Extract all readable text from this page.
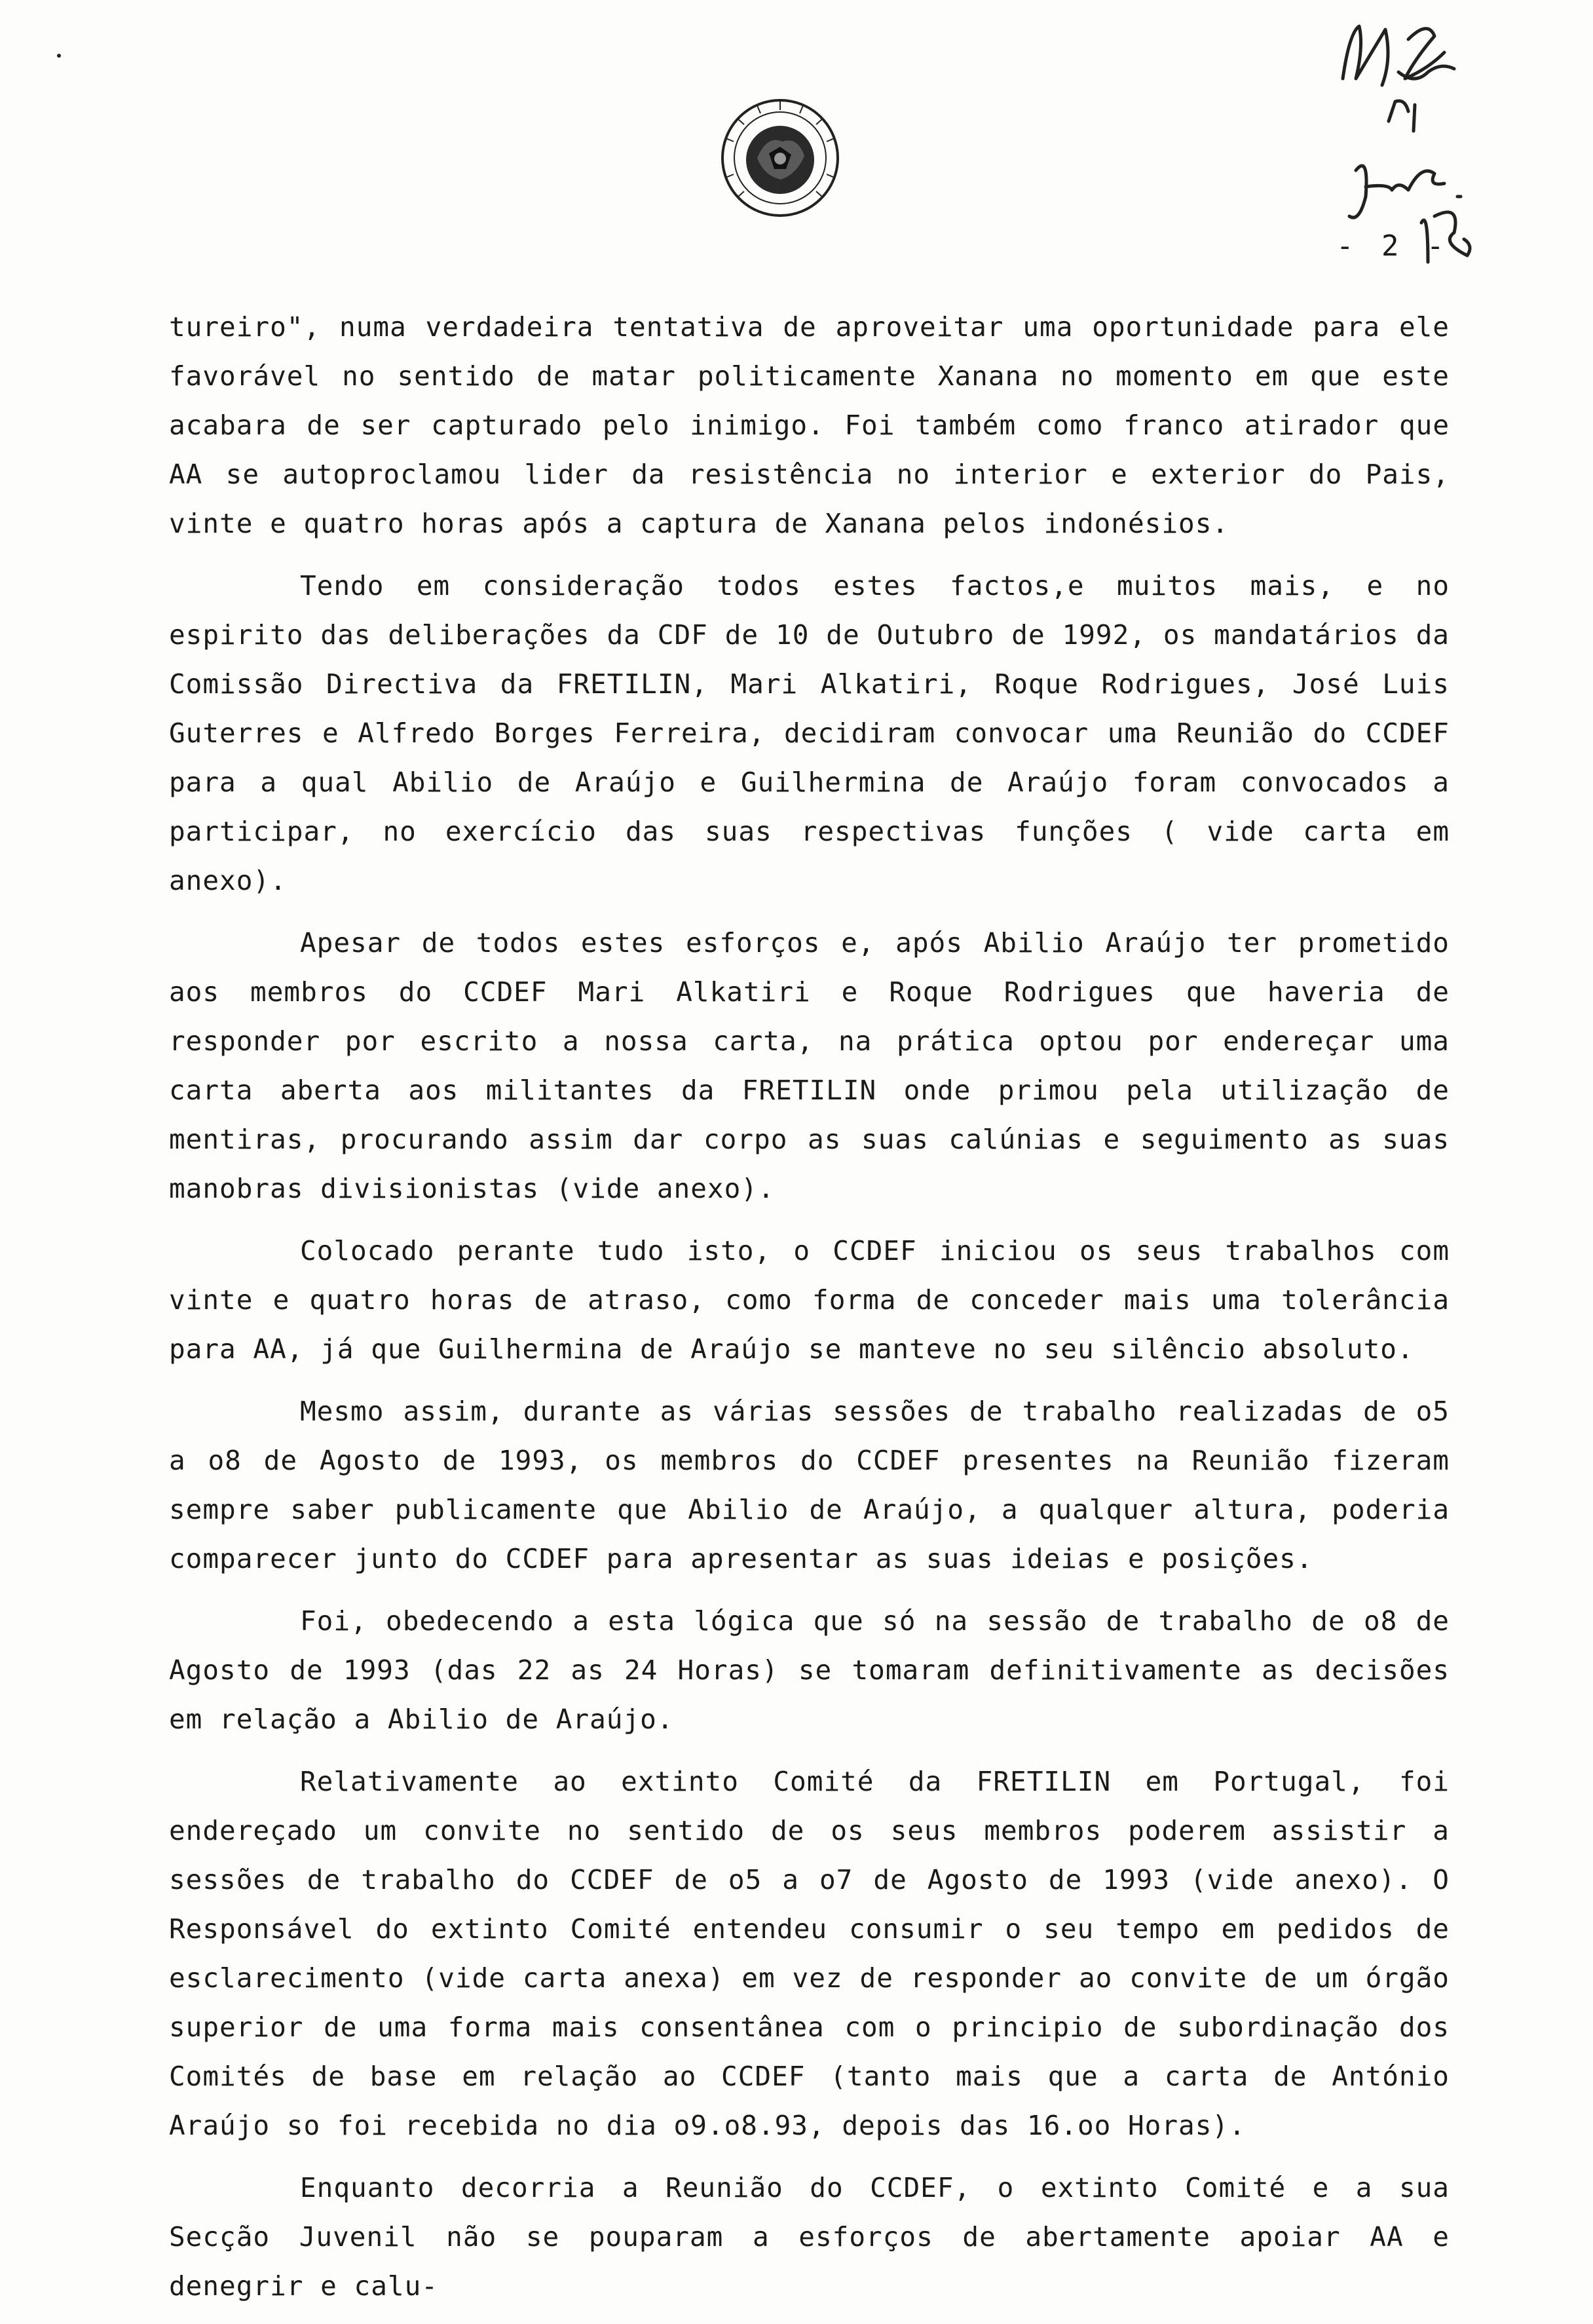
- 2 -

tureiro", numa verdadeira tentativa de aproveitar uma oportunidade para ele favorável no sentido de matar politicamente Xanana no momento em que este acabara de ser capturado pelo inimigo. Foi também como franco atirador que AA se autoproclamou lider da resistência no interior e exterior do Pais, vinte e quatro horas após a captura de Xanana pelos indonésios.

Tendo em consideração todos estes factos,e muitos mais, e no espirito das deliberações da CDF de 10 de Outubro de 1992, os mandatários da Comissão Directiva da FRETILIN, Mari Alkatiri, Roque Rodrigues, José Luis Guterres e Alfredo Borges Ferreira, decidiram convocar uma Reunião do CCDEF para a qual Abilio de Araújo e Guilhermina de Araújo foram convocados a participar, no exercício das suas respectivas funções ( vide carta em anexo).

Apesar de todos estes esforços e, após Abilio Araújo ter prometido aos membros do CCDEF Mari Alkatiri e Roque Rodrigues que haveria de responder por escrito a nossa carta, na prática optou por endereçar uma carta aberta aos militantes da FRETILIN onde primou pela utilização de mentiras, procurando assim dar corpo as suas calúnias e seguimento as suas manobras divisionistas (vide anexo).

Colocado perante tudo isto, o CCDEF iniciou os seus trabalhos com vinte e quatro horas de atraso, como forma de conceder mais uma tolerância para AA, já que Guilhermina de Araújo se manteve no seu silêncio absoluto.

Mesmo assim, durante as várias sessões de trabalho realizadas de o5 a o8 de Agosto de 1993, os membros do CCDEF presentes na Reunião fizeram sempre saber publicamente que Abilio de Araújo, a qualquer altura, poderia comparecer junto do CCDEF para apresentar as suas ideias e posições.

Foi, obedecendo a esta lógica que só na sessão de trabalho de o8 de Agosto de 1993 (das 22 as 24 Horas) se tomaram definitivamente as decisões em relação a Abilio de Araújo.

Relativamente ao extinto Comité da FRETILIN em Portugal, foi endereçado um convite no sentido de os seus membros poderem assistir a sessões de trabalho do CCDEF de o5 a o7 de Agosto de 1993 (vide anexo). O Responsável do extinto Comité entendeu consumir o seu tempo em pedidos de esclarecimento (vide carta anexa) em vez de responder ao convite de um órgão superior de uma forma mais consentânea com o principio de subordinação dos Comités de base em relação ao CCDEF (tanto mais que a carta de António Araújo so foi recebida no dia o9.o8.93, depois das 16.oo Horas).

Enquanto decorria a Reunião do CCDEF, o extinto Comité e a sua Secção Juvenil não se pouparam a esforços de abertamente apoiar AA e denegrir e calu-
